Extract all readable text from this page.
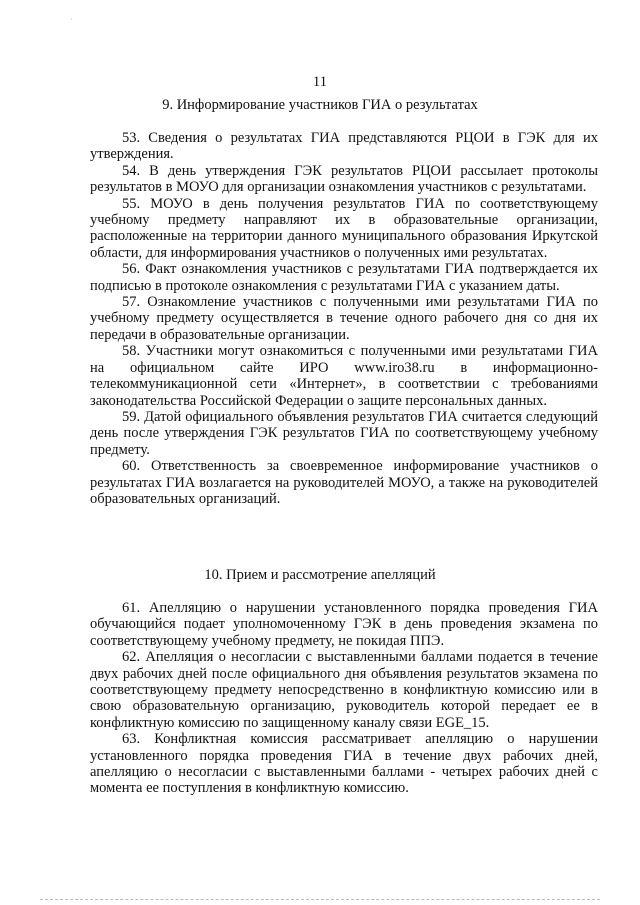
·
11
9. Информирование участников ГИА о результатах

53. Сведения о результатах ГИА представляются РЦОИ в ГЭК для их утверждения.

54. В день утверждения ГЭК результатов РЦОИ рассылает протоколы результатов в МОУО для организации ознакомления участников с результатами.

55. МОУО в день получения результатов ГИА по соответствующему учебному предмету направляют их в образовательные организации, расположенные на территории данного муниципального образования Иркутской области, для информирования участников о полученных ими результатах.

56. Факт ознакомления участников с результатами ГИА подтверждается их подписью в протоколе ознакомления с результатами ГИА с указанием даты.

57. Ознакомление участников с полученными ими результатами ГИА по учебному предмету осуществляется в течение одного рабочего дня со дня их передачи в образовательные организации.

58. Участники могут ознакомиться с полученными ими результатами ГИА на официальном сайте ИРО www.iro38.ru в информационно-телекоммуникационной сети «Интернет», в соответствии с требованиями законодательства Российской Федерации о защите персональных данных.

59. Датой официального объявления результатов ГИА считается следующий день после утверждения ГЭК результатов ГИА по соответствующему учебному предмету.

60. Ответственность за своевременное информирование участников о результатах ГИА возлагается на руководителей МОУО, а также на руководителей образовательных организаций.

10. Прием и рассмотрение апелляций

61. Апелляцию о нарушении установленного порядка проведения ГИА обучающийся подает уполномоченному ГЭК в день проведения экзамена по соответствующему учебному предмету, не покидая ППЭ.

62. Апелляция о несогласии с выставленными баллами подается в течение двух рабочих дней после официального дня объявления результатов экзамена по соответствующему предмету непосредственно в конфликтную комиссию или в свою образовательную организацию, руководитель которой передает ее в конфликтную комиссию по защищенному каналу связи EGE_15.

63. Конфликтная комиссия рассматривает апелляцию о нарушении установленного порядка проведения ГИА в течение двух рабочих дней, апелляцию о несогласии с выставленными баллами - четырех рабочих дней с момента ее поступления в конфликтную комиссию.
